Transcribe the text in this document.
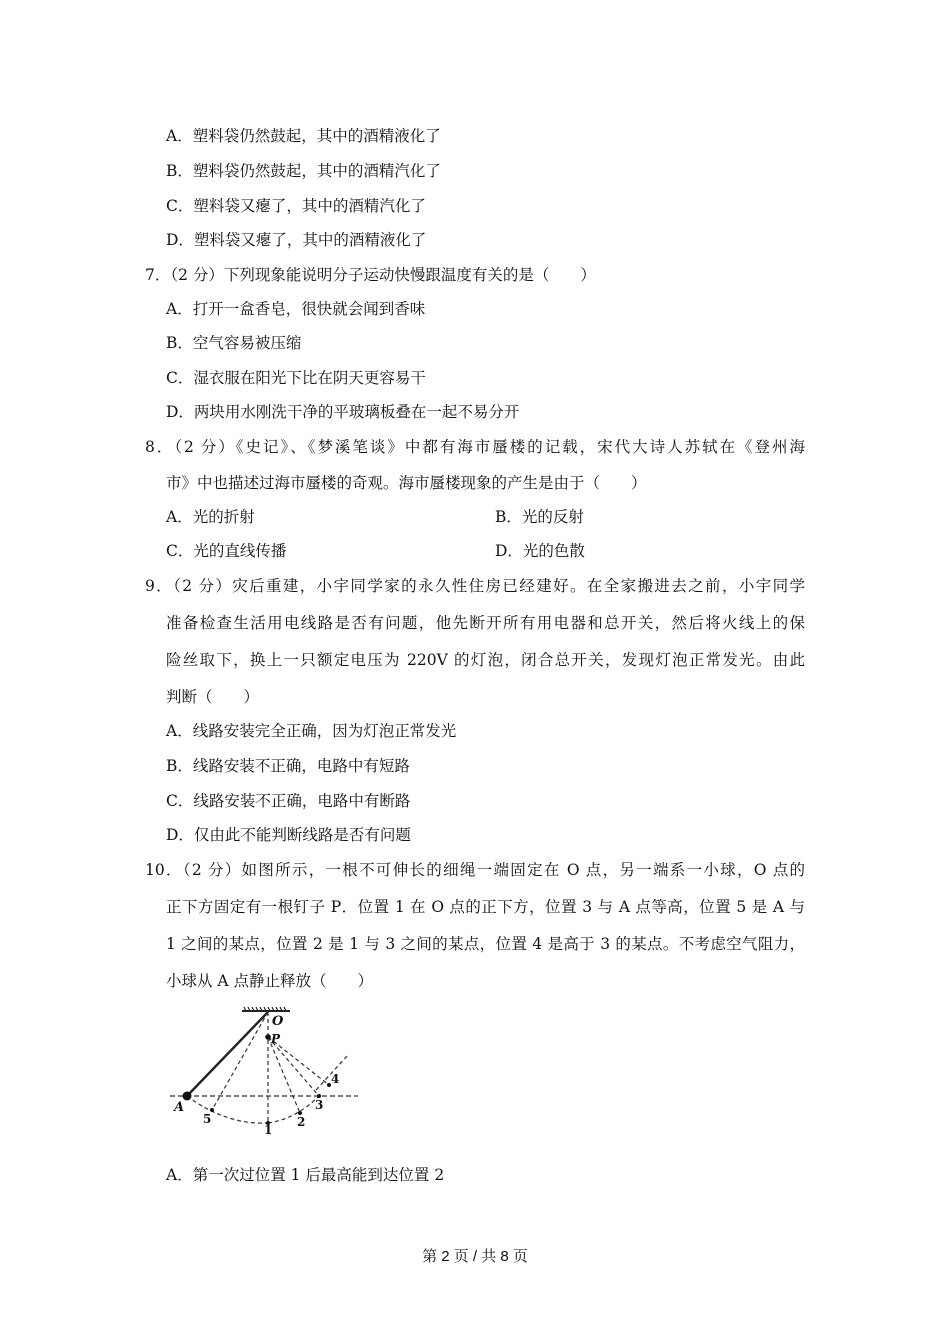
A．塑料袋仍然鼓起，其中的酒精液化了
B．塑料袋仍然鼓起，其中的酒精汽化了
C．塑料袋又瘪了，其中的酒精汽化了
D．塑料袋又瘪了，其中的酒精液化了
7．（2 分）下列现象能说明分子运动快慢跟温度有关的是（　　）
A．打开一盒香皂，很快就会闻到香味
B．空气容易被压缩
C．湿衣服在阳光下比在阴天更容易干
D．两块用水刚洗干净的平玻璃板叠在一起不易分开
8．（2 分）《史记》、《梦溪笔谈》中都有海市蜃楼的记载，宋代大诗人苏轼在《登州海
市》中也描述过海市蜃楼的奇观。海市蜃楼现象的产生是由于（　　）
A．光的折射	B．光的反射
C．光的直线传播	D．光的色散
9．（2 分）灾后重建，小宇同学家的永久性住房已经建好。在全家搬进去之前，小宇同学
准备检查生活用电线路是否有问题，他先断开所有用电器和总开关，然后将火线上的保
险丝取下，换上一只额定电压为 220V 的灯泡，闭合总开关，发现灯泡正常发光。由此
判断（　　）
A．线路安装完全正确，因为灯泡正常发光
B．线路安装不正确，电路中有短路
C．线路安装不正确，电路中有断路
D．仅由此不能判断线路是否有问题
10．（2 分）如图所示，一根不可伸长的细绳一端固定在 O 点，另一端系一小球，O 点的
正下方固定有一根钉子 P．位置 1 在 O 点的正下方，位置 3 与 A 点等高，位置 5 是 A 与
1 之间的某点，位置 2 是 1 与 3 之间的某点，位置 4 是高于 3 的某点。不考虑空气阻力，
小球从 A 点静止释放（　　）
O
P
A
1
2
3
4
5
A．第一次过位置 1 后最高能到达位置 2
第 2 页 / 共 8 页
